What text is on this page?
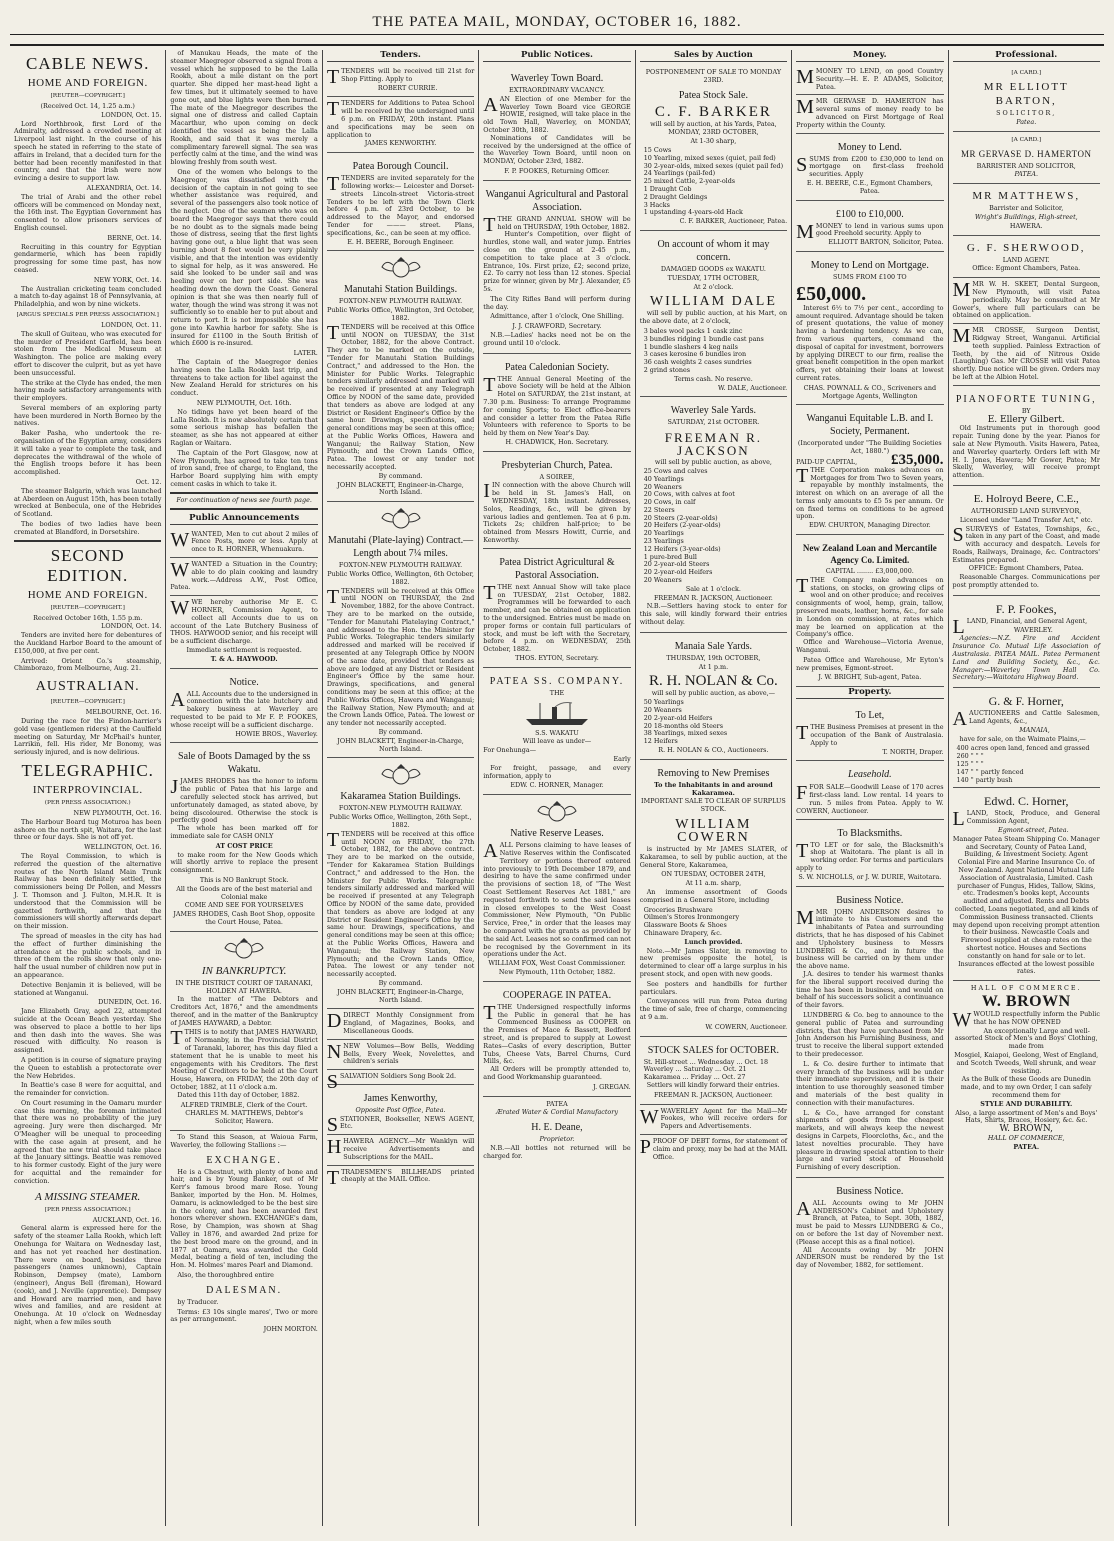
THE PATEA MAIL, MONDAY, OCTOBER 16, 1882.
CABLE NEWS.
HOME AND FOREIGN.
[REUTER—COPYRIGHT.]
(Received Oct. 14, 1.25 a.m.)
LONDON, Oct. 15.

Lord Northbrook, first Lord of the Admiralty, addressed a crowded meeting at Liverpool last night. In the course of his speech he stated in referring to the state of affairs in Ireland, that a decided turn for the better had been recently manifested in that country, and that the Irish were now evincing a desire to support law.

ALEXANDRIA, Oct. 14.

The trial of Arabi and the other rebel officers will be commenced on Monday next, the 16th inst. The Egyptian Government has consented to allow prisoners services of English counsel.

BERNE, Oct. 14.

Recruiting in this country for Egyptian gendarmerie, which has been rapidly progressing for some time past, has now ceased.

NEW YORK, Oct. 14.

The Australian cricketing team concluded a match to-day against 18 of Pennsylvania, at Philadelphia, and won by nine wickets.

[ARGUS SPECIALS PER PRESS ASSOCIATION.]
LONDON, Oct. 11.

The skull of Guiteau, who was executed for the murder of President Garfield, has been stolen from the Medical Museum at Washington. The police are making every effort to discover the culprit, but as yet have been unsuccessful.

The strike at the Clyde has ended, the men having made satisfactory arrangements with their employers.

Several members of an exploring party have been murdered in North Borneo by the natives.

Baker Pasha, who undertook the re-organisation of the Egyptian army, considers it will take a year to complete the task, and deprecates the withdrawal of the whole of the English troops before it has been accomplished.

Oct. 12.

The steamer Balgarin, which was launched at Aberdeen on August 15th, has been totally wrecked at Benbecula, one of the Hebrides of Scotland.

The bodies of two ladies have been cremated at Blandford, in Dorsetshire.

SECOND EDITION.
HOME AND FOREIGN.
[REUTER—COPYRIGHT.]
Received October 16th, 1.55 p.m.
LONDON, Oct. 14.

Tenders are invited here for debentures of the Auckland Harbor Board to the amount of £150,000, at five per cent.

Arrived: Orient Co.'s steamship, Chimborazo, from Melbourne, Aug. 21.

AUSTRALIAN.
[REUTER—COPYRIGHT.]
MELBOURNE, Oct. 16.

During the race for the Findon-harrier's gold vase (gentlemen riders) at the Caulfield meeting on Saturday, Mr McPhail's hunter, Larrikin, fell. His rider, Mr Bonomy, was seriously injured, and is now delirious.

TELEGRAPHIC.
INTERPROVINCIAL.
(PER PRESS ASSOCIATION.)
NEW PLYMOUTH, Oct. 16.

The Harbour Board tug Moturoa has been ashore on the north spit, Waitara, for the last three or four days. She is not off yet.

WELLINGTON, Oct. 16.

The Royal Commission, to which is referred the question of the alternative routes of the North Island Main Trunk Railway has been definitely settled, the commissioners being Dr Pollen, and Messrs J. T. Thomson and J. Fulton, M.H.R. It is understood that the Commission will be gazetted forthwith, and that the commissioners will shortly afterwards depart on their mission.

The spread of measles in the city has had the effect of further diminishing the attendance at the public schools, and in three of them the rolls show that only one-half the usual number of children now put in an appearance.

Detective Benjamin it is believed, will be stationed at Wanganui.

DUNEDIN, Oct. 16.

Jane Elizabeth Gray, aged 22, attempted suicide at the Ocean Beach yesterday. She was observed to place a bottle to her lips and then dash into the waves. She was rescued with difficulty. No reason is assigned.

A petition is in course of signature praying the Queen to establish a protectorate over the New Hebrides.

In Beattie's case 8 were for acquittal, and the remainder for conviction.

On Court resuming in the Oamaru murder case this morning, the foreman intimated that there was no probability of the jury agreeing. Jury were then discharged. Mr O'Meagher will be unequal to proceeding with the case again at present, and he agreed that the new trial should take place at the January sittings. Beattie was removed to his former custody. Eight of the jury were for acquittal and the remainder for conviction.

A MISSING STEAMER.
[PER PRESS ASSOCIATION.]
AUCKLAND, Oct. 16.

General alarm is expressed here for the safety of the steamer Lalla Rookh, which left Onehunga for Waitara on Wednesday last, and has not yet reached her destination. There were on board, besides three passengers (names unknown), Captain Robinson, Dempsey (mate), Lamborn (engineer), Angus Bell (fireman), Howard (cook), and J. Neville (apprentice). Dempsey and Howard are married men, and have wives and families, and are resident at Onehunga. At 10 o'clock on Wednesday night, when a few miles south

of Manukau Heads, the mate of the steamer Maegregor observed a signal from a vessel which he supposed to be the Lalla Rookh, about a mile distant on the port quarter. She dipped her mast-head light a few times, but it ultimately seemed to have gone out, and blue lights were then burned. The mate of the Maegregor describes the signal one of distress and called Captain Macarthur, who upon coming on deck identified the vessel as being the Lalla Rookh, and said that it was merely a complimentary farewell signal. The sea was perfectly calm at the time, and the wind was blowing freshly from south west.

One of the women who belongs to the Maegregor, was dissatisfied with the decision of the captain in not going to see whether assistance was required, and several of the passengers also took notice of the neglect. One of the seamen who was on board the Maegregor says that there could be no doubt as to the signals made being those of distress, seeing that the first lights having gone out, a blue light that was seen burning about 8 feet would be very plainly visible, and that the intention was evidently to signal for help, as it was answered. He said she looked to be under sail and was heeling over on her port side. She was heading down the down the Coast. General opinion is that she was then nearly full of water, though the wind was strong it was not sufficiently so to enable her to put about and return to port. It is not impossible she has gone into Kawhia harbor for safety. She is insured for £1100 in the South British of which £600 is re-insured.

LATER.

The Captain of the Maegregor denies having seen the Lalla Rookh last trip, and threatens to take action for libel against the New Zealand Herald for strictures on his conduct.

NEW PLYMOUTH, Oct. 16th.

No tidings have yet been heard of the Lalla Rookh. It is now absolutely certain that some serious mishap has befallen the steamer, as she has not appeared at either Raglan or Waitara.

The Captain of the Port Glasgow, now at New Plymouth, has agreed to take ten tons of iron sand, free of charge, to England, the Harbor Board supplying him with empty cement casks in which to take it.

For continuation of news see fourth page.
Public Announcements
WWANTED, Men to cut about 2 miles of Fence Posts, more or less. Apply at once to R. HORNER, Whenuakura.
WWANTED a Situation in the Country; able to do plain cooking and laundry work.—Address A.W., Post Office, Patea.
WWE hereby authorise Mr E. C. HORNER, Commission Agent, to collect all Accounts due to us on account of the Late Butchery Business of THOS. HAYWOOD senior, and his receipt will be a sufficient discharge.
Immediate settlement is requested.
T. & A. HAYWOOD.
Notice.
A ALL Accounts due to the undersigned in connection with the late butchery and bakery business at Waverley are requested to be paid to Mr F. P. FOOKES, whose receipt will be a sufficient discharge.
HOWIE BROS., Waverley.
Sale of Boots Damaged by the ss Wakatu.
J JAMES RHODES has the honor to inform the public of Patea that his large and carefully selected stock has arrived, but unfortunately damaged, as stated above, by being discoloured. Otherwise the stock is perfectly good

The whole has been marked off for immediate sale for CASH ONLY

AT COST PRICE

to make room for the New Goods which will shortly arrive to replace the present consignment.

This is NO Bankrupt Stock.
All the Goods are of the best material and Colonial make
COME AND SEE FOR YOURSELVES
JAMES RHODES, Cash Boot Shop, opposite the Court House, Patea.
IN BANKRUPTCY.
IN THE DISTRICT COURT OF TARANAKI, HOLDEN AT HAWERA.

In the matter of "The Debtors and Creditors Act, 1876," and the amendments thereof, and in the matter of the Bankruptcy of JAMES HAYWARD, a Debtor.

T THIS is to notify that JAMES HAYWARD, of Normanby, in the Provincial District of Taranaki, laborer, has this day filed a statement that he is unable to meet his engagements with his Creditors. The first Meeting of Creditors to be held at the Court House, Hawera, on FRIDAY, the 20th day of October, 1882, at 11 o'clock a.m.

Dated this 11th day of October, 1882.

ALFRED TRIMBLE, Clerk of the Court.
CHARLES M. MATTHEWS, Debtor's Solicitor, Hawera.

To Stand this Season, at Waioua Farm, Waverley, the following Stallions :—

EXCHANGE.

He is a Chestnut, with plenty of bone and hair, and is by Young Banker, out of Mr Kerr's famous brood mare Rose. Young Banker, imported by the Hon. M. Holmes, Oamaru, is acknowledged to be the best sire in the colony, and has been awarded first honors wherever shown. EXCHANGE's dam, Rose, by Champion, was shown at Shag Valley in 1876, and awarded 2nd prize for the best brood mare on the ground, and in 1877 at Oamaru, was awarded the Gold Medal, beating a field of ten, including the Hon. M. Holmes' mares Pearl and Diamond.

Also, the thoroughbred entire

DALESMAN.

by Traducer.

Terms: £3 10s single mares', Two or more as per arrangement.

JOHN MORTON.
Tenders.
TTENDERS will be received till 21st for Shop Fitting. Apply to
ROBERT CURRIE.
TTENDERS for Additions to Patea School will be received by the undersigned until 6 p.m. on FRIDAY, 20th instant. Plans and specifications may be seen on application to
JAMES KENWORTHY.
Patea Borough Council.
T TENDERS are invited separately for the following works:— Leicester and Dorset-streets Lincoln-street Victoria-street Tenders to be left with the Town Clerk before 4 p.m. of 23rd October, to be addressed to the Mayor, and endorsed Tender for ——— street. Plans, specifications, &c., can be seen at my office.
E. H. BEERE, Borough Engineer.
Manutahi Station Buildings.
FOXTON-NEW PLYMOUTH RAILWAY.
Public Works Office, Wellington, 3rd October, 1882.
T TENDERS will be received at this Office until NOON on TUESDAY, the 31st October, 1882, for the above Contract. They are to be marked on the outside, "Tender for Manutahi Station Buildings Contract," and addressed to the Hon. the Minister for Public Works. Telegraphic tenders similarly addressed and marked will be received if presented at any Telegraph Office by NOON of the same date, provided that tenders as above are lodged at any District or Resident Engineer's Office by the same hour. Drawings, specifications, and general conditions may be seen at this office; at the Public Works Offices, Hawera and Wanganui; the Railway Station, New Plymouth; and the Crown Lands Office, Patea. The lowest or any tender not necessarily accepted.
By command.
JOHN BLACKETT, Engineer-in-Charge, North Island.
Manutahi (Plate-laying) Contract.—Length about 7¼ miles.
FOXTON-NEW PLYMOUTH RAILWAY.
Public Works Office, Wellington, 6th October, 1882.
T TENDERS will be received at this Office until NOON on THURSDAY, the 2nd November, 1882, for the above Contract. They are to be marked on the outside, "Tender for Manutahi Platelaying Contract," and addressed to the Hon. the Minister for Public Works. Telegraphic tenders similarly addressed and marked will be received if presented at any Telegraph Office by NOON of the same date, provided that tenders as above are lodged at any District or Resident Engineer's Office by the same hour. Drawings, specifications, and general conditions may be seen at this office; at the Public Works Offices, Hawera and Wanganui; the Railway Station, New Plymouth; and at the Crown Lands Office, Patea. The lowest or any tender not necessarily accepted.
By command.
JOHN BLACKETT, Engineer-in-Charge, North Island.
Kakaramea Station Buildings.
FOXTON-NEW PLYMOUTH RAILWAY.
Public Works Office, Wellington, 26th Sept., 1882.
T TENDERS will be received at this office until NOON on FRIDAY, the 27th October, 1882, for the above contract. They are to be marked on the outside, "Tender for Kakaramea Station Buildings Contract," and addressed to the Hon. the Minister for Public Works. Telegraphic tenders similarly addressed and marked will be received if presented at any Telegraph Office by NOON of the same date, provided that tenders as above are lodged at any District or Resident Engineer's Office by the same hour. Drawings, specifications, and general conditions may be seen at this office; at the Public Works Offices, Hawera and Wanganui; the Railway Station, New Plymouth; and the Crown Lands Office, Patea. The lowest or any tender not necessarily accepted.
By command.
JOHN BLACKETT, Engineer-in-Charge, North Island.
DDIRECT Monthly Consignment from England, of Magazines, Books, and Miscellaneous Goods.
NNEW Volumes—Bow Bells, Wedding Bells, Every Week, Novelettes, and children's serials
SSALVATION Soldiers Song Book 2d.
James Kenworthy,
Opposite Post Office, Patea.
S STATIONER, Bookseller, NEWS AGENT, Etc.
HHAWERA AGENCY.—Mr Wanklyn will receive Advertisements and Subscriptions for the MAIL.
TTRADESMEN'S BILLHEADS printed cheaply at the MAIL Office.
Public Notices.
Waverley Town Board.
EXTRAORDINARY VACANCY.
A AN Election of one Member for the Waverley Town Board vice GEORGE HOWIE, resigned, will take place in the old Town Hall, Waverley, on MONDAY, October 30th, 1882.

Nominations of Candidates will be received by the undersigned at the office of the Waverley Town Board, until noon on MONDAY, October 23rd, 1882.

F. P. FOOKES, Returning Officer.
Wanganui Agricultural and Pastoral Association.
T THE GRAND ANNUAL SHOW will be held on THURSDAY, 19th October, 1882.

Hunter's Competition, over flight of hurdles, stone wall, and water jump. Entries close on the ground at 2-45 p.m., competition to take place at 3 o'clock. Entrance, 10s. First prize, £2; second prize, £2. To carry not less than 12 stones. Special prize for winner, given by Mr J. Alexander, £5 5s.

The City Rifles Band will perform during the day.

Admittance, after 1 o'clock, One Shilling.

J. J. CRAWFORD, Secretary.

N.B.—Ladies' hacks need not be on the ground until 10 o'clock.

Patea Caledonian Society.
T THE Annual General Meeting of the above Society will be held at the Albion Hotel on SATURDAY, the 21st instant, at 7.30 p.m. Business: To arrange Programme for coming Sports; to Elect office-bearers and consider a letter from the Patea Rifle Volunteers with reference to Sports to be held by them on New Year's Day.
H. CHADWICK, Hon. Secretary.
Presbyterian Church, Patea.
A SOIREE,
I IN connection with the above Church will be held in St. James's Hall, on WEDNESDAY, 18th instant. Addresses, Solos, Readings, &c., will be given by various ladies and gentlemen. Tea at 6 p.m. Tickets 2s; children half-price; to be obtained from Messrs Howitt, Currie, and Kenworthy.
Patea District Agricultural & Pastoral Association.
T THE next Annual Show will take place on TUESDAY, 21st October, 1882. Programmes will be forwarded to each member, and can be obtained on application to the undersigned. Entries must be made on proper forms or contain full particulars of stock, and must be left with the Secretary, before 4 p.m. on WEDNESDAY, 25th October, 1882.
THOS. EYTON, Secretary.
PATEA SS. COMPANY.
THE
S.S. WAKATU
Will leave as under—
For Onehunga—
Early

For freight, passage, and every information, apply to

EDW. C. HORNER, Manager.
Native Reserve Leases.
A ALL Persons claiming to have leases of Native Reserves within the Confiscated Territory or portions thereof entered into previously to 19th December 1879, and desiring to have the same confirmed under the provisions of section 18, of "The West Coast Settlement Reserves Act 1881," are requested forthwith to send the said leases in closed envelopes to the West Coast Commissioner, New Plymouth, "On Public Service, Free," in order that the leases may be compared with the grants as provided by the said Act. Leases not so confirmed can not be recognised by the Government in its operations under the Act.
WILLIAM FOX, West Coast Commissioner.
New Plymouth, 11th October, 1882.
COOPERAGE IN PATEA.
T THE Undersigned respectfully informs the Public in general that he has Commenced Business as COOPER on the Premises of Mace & Bassett, Bedford street, and is prepared to supply at Lowest Rates—Casks of every description, Butter Tubs, Cheese Vats, Barrel Churns, Curd Mills, &c.

All Orders will be promptly attended to, and Good Workmanship guaranteed.

J. GREGAN.
PATEA
Ærated Water & Cordial Manufactory
H. E. Deane,
Proprietor.

N.B.—All bottles not returned will be charged for.

Sales by Auction
POSTPONEMENT OF SALE TO MONDAY 23RD.
Patea Stock Sale.
C. F. BARKER
will sell by auction, at his Yards, Patea,
MONDAY, 23RD OCTOBER,
At 1-30 sharp,
15 Cows
10 Yearling, mixed sexes (quiet, pail fed)
30 2-year-olds, mixed sexes (quiet pail fed)
24 Yearlings (pail-fed)
25 mixed Cattle, 2-year-olds
1 Draught Cob
2 Draught Geldings
3 Hacks
1 upstanding 4-years-old Hack
C. F. BARKER, Auctioneer, Patea.
On account of whom it may concern.
DAMAGED GOODS ex WAKATU.
TUESDAY, 17TH OCTOBER,
At 2 o'clock.
WILLIAM DALE

will sell by public auction, at his Mart, on the above date, at 2 o'clock,

3 bales wool packs 1 cask zinc
3 bundles ridging 1 bundle cast pans
1 bundle slashers 4 keg nails
3 cases kerosine 6 bundles iron
36 cash weights 2 cases sundries
2 grind stones
Terms cash. No reserve.
W. DALE, Auctioneer.
Waverley Sale Yards.
SATURDAY, 21st OCTOBER.
FREEMAN R. JACKSON
will sell by public auction, as above,
25 Cows and calves
40 Yearlings
20 Weaners
20 Cows, with calves at foot
20 Cows, in calf
22 Steers
20 Steers (2-year-olds)
20 Heifers (2-year-olds)
20 Yearlings
23 Yearlings
12 Heifers (3-year-olds)
1 pure-bred Bull
20 2-year-old Steers
20 2-year-old Heifers
20 Weaners
Sale at 1 o'clock.
FREEMAN R. JACKSON, Auctioneer.

N.B.—Settlers having stock to enter for this sale, will kindly forward their entries without delay.

Manaia Sale Yards.
THURSDAY, 19th OCTOBER,
At 1 p.m.
R. H. NOLAN & Co.
will sell by public auction, as above,—
50 Yearlings
20 Weaners
20 2-year-old Heifers
20 18-months old Steers
38 Yearlings, mixed sexes
12 Heifers
R. H. NOLAN & CO., Auctioneers.
Removing to New Premises
To the Inhabitants in and around Kakaramea.
IMPORTANT SALE TO CLEAR OF SURPLUS STOCK.
WILLIAM COWERN

is instructed by Mr JAMES SLATER, of Kakaramea, to sell by public auction, at the General Store, Kakaramea,

ON TUESDAY, OCTOBER 24TH,
At 11 a.m. sharp,

An immense assortment of Goods comprised in a General Store, including

Groceries Brushware
Oilmen's Stores Ironmongery
Glassware Boots & Shoes
Chinaware Drapery, &c.
Lunch provided.

Note.—Mr James Slater, in removing to new premises opposite the hotel, is determined to clear off a large surplus in his present stock, and open with new goods.

See posters and handbills for further particulars.

Conveyances will run from Patea during the time of sale, free of charge, commencing at 9 a.m.

W. COWERN, Auctioneer.
STOCK SALES for OCTOBER.
St. Hill-street ... Wednesday ... Oct. 18
Waverley ... Saturday ... Oct. 21
Kakaramea ... Friday ... Oct. 27

Settlers will kindly forward their entries.

FREEMAN R. JACKSON, Auctioneer.
WWAVERLEY Agent for the Mail—Mr Fookes, who will receive orders for Papers and Advertisements.
PPROOF OF DEBT forms, for statement of claim and proxy, may be had at the MAIL Office.
Money.
MMONEY TO LEND, on good Country Security.—H. E. P. ADAMS, Solicitor, Patea.
MMR GERVASE D. HAMERTON has several sums of money ready to be advanced on First Mortgage of Real Property within the County.
Money to Lend.
S SUMS from £200 to £30,000 to lend on mortgage on first-class freehold securities. Apply
E. H. BEERE, C.E., Egmont Chambers, Patea.
£100 to £10,000.
M MONEY to lend in various sums upon good Freehold security. Apply to
ELLIOTT BARTON, Solicitor, Patea.
Money to Lend on Mortgage.
SUMS FROM £100 TO
£50,000.

Interest 6½ to 7½ per cent., according to amount required. Advantage should be taken of present quotations, the value of money having a hardening tendency. As we can, from various quarters, command the disposal of capital for investment, borrowers by applying DIRECT to our firm, realise the great benefit competition in the open market offers, yet obtaining their loans at lowest current rates.

CHAS. POWNALL & CO., Scriveners and Mortgage Agents, Wellington
Wanganui Equitable L.B. and I. Society, Permanent.
(Incorporated under "The Building Societies Act, 1880.")
PAID-UP CAPITAL, £35,000.
T THE Corporation makes advances on Mortgages for from Two to Seven years, repayable by monthly instalments, the interest on which on an average of all the terms only amounts to £5 5s per annum. Or on fixed terms on conditions to be agreed upon.
EDW. CHURTON, Managing Director.
New Zealand Loan and Mercantile Agency Co. Limited.
CAPITAL ........ £3,000,000.
T THE Company make advances on stations, on stocks, on growing clips of wool and on other produce; and receives consignments of wool, hemp, grain, tallow, preserved meats, leather, horns, &c., for sale in London on commission, at rates which may be learned on application at the Company's office.

Office and Warehouse—Victoria Avenue, Wanganui.

Patea Office and Warehouse, Mr Eyton's new premises, Egmont-street.

J. W. BRIGHT, Sub-agent, Patea.
Property.
To Let,
T THE Business Premises at present in the occupation of the Bank of Australasia. Apply to
T. NORTH, Draper.
Leasehold.
F FOR SALE—Goodwill Lease of 170 acres first-class land. Low rental. 14 years to run. 5 miles from Patea. Apply to W. COWERN, Auctioneer.
To Blacksmiths.
T TO LET or for sale, the Blacksmith's shop at Waitotara. The plant is all in working order. For terms and particulars apply to
S. W. NICHOLLS, or J. W. DURIE, Waitotara.
Business Notice.
M MR JOHN ANDERSON desires to intimate to his Customers and the inhabitants of Patea and surrounding districts, that he has disposed of his Cabinet and Upholstery business to Messrs LUNDBERG & Co., and in future the business will be carried on by them under the above name.

J.A. desires to tender his warmest thanks for the liberal support received during the time he has been in business, and would on behalf of his successors solicit a continuance of their favors.

LUNDBERG & Co. beg to announce to the general public of Patea and surrounding districts, that they have purchased from Mr John Anderson his Furnishing Business, and trust to receive the liberal support extended to their predecessor.

L. & Co. desire further to intimate that every branch of the business will be under their immediate supervision, and it is their intention to use thoroughly seasoned timber and materials of the best quality in connection with their manufactures.

L. & Co., have arranged for constant shipments of goods from the cheapest markets, and will always keep the newest designs in Carpets, Floorcloths, &c., and the latest novelties procurable. They have pleasure in drawing special attention to their large and varied stock of Household Furnishing of every description.

Business Notice.
A ALL Accounts owing to Mr JOHN ANDERSON's Cabinet and Upholstery Branch, at Patea, to Sept. 30th, 1882, must be paid to Messrs LUNDBERG & Co., on or before the 1st day of November next. (Please accept this as a final notice).

All Accounts owing by Mr JOHN ANDERSON must be rendered by the 1st day of November, 1882, for settlement.

Professional.
[A CARD.]
MR ELLIOTT BARTON,
SOLICITOR,
Patea.
[A CARD.]
MR GERVASE D. HAMERTON
BARRISTER AND SOLICITOR,
PATEA.
MR MATTHEWS,
Barrister and Solicitor,
Wright's Buildings, High-street,
HAWERA.
G. F. SHERWOOD,
LAND AGENT.
Office: Egmont Chambers, Patea.
MMR W. H. SKEET, Dental Surgeon, New Plymouth, will visit Patea periodically. May be consulted at Mr Gower's, where full particulars can be obtained on application.
MMR CROSSE, Surgeon Dentist, Ridgway Street, Wanganui. Artificial teeth supplied. Painless Extraction of Teeth, by the aid of Nitrous Oxide (Laughing) Gas. Mr CROSSE will visit Patea shortly. Due notice will be given. Orders may be left at the Albion Hotel.
PIANOFORTE TUNING,
BY
E. Ellery Gilbert.

Old Instruments put in thorough good repair. Tuning done by the year. Pianos for sale at New Plymouth. Visits Hawera, Patea, and Waverley quarterly. Orders left with Mr H. I. Jones, Hawera; Mr Gower, Patea; Mr Skelly, Waverley, will receive prompt attention.

E. Holroyd Beere, C.E.,
AUTHORISED LAND SURVEYOR,
Licensed under "Land Transfer Act," etc.
S SURVEYS of Estates, Townships, &c., taken in any part of the Coast, and made with accuracy and despatch. Levels for Roads, Railways, Drainage, &c. Contractors' Estimates prepared.
OFFICE: Egmont Chambers, Patea.

Reasonable Charges. Communications per post promptly attended to.

F. P. Fookes,
L LAND, Financial, and General Agent,
WAVERLEY.

Agencies:—N.Z. Fire and Accident Insurance Co. Mutual Life Association of Australasia. PATEA MAIL. Patea Permanent Land and Building Society, &c., &c. Manager:—Waverley Town Hall Co. Secretary:—Waitotara Highway Board.

G. & F. Horner,
A AUCTIONEERS and Cattle Salesmen, Land Agents, &c.,
MANAIA,

have for sale, on the Waimate Plains,—

400 acres open land, fenced and grassed
260 " " "
125 " " "
147 " " partly fenced
140 " partly bush
Edwd. C. Horner,
L LAND, Stock, Produce, and General Commission Agent,
Egmont-street, Patea.

Manager Patea Steam Shipping Co. Manager and Secretary, County of Patea Land, Building, & Investment Society. Agent Colonial Fire and Marine Insurance Co. of New Zealand. Agent National Mutual Life Association of Australasia, Limited. Cash purchaser of Fungus, Hides, Tallow, Skins, etc. Tradesmen's books kept, Accounts audited and adjusted. Rents and Debts collected, Loans negotiated, and all kinds of Commission Business transacted. Clients may depend upon receiving prompt attention to their business. Newcastle Coals and Firewood supplied at cheap rates on the shortest notice. Houses and Sections constantly on hand for sale or to let. Insurances effected at the lowest possible rates.

HALL OF COMMERCE.
W. BROWN
W WOULD respectfully inform the Public that he has NOW OPENED

An exceptionally Large and well-assorted Stock of Men's and Boys' Clothing, made from

Mosgiel, Kaiapoi, Geelong, West of England, and Scotch Tweeds, Well shrunk, and wear resisting.

As the Bulk of these Goods are Dunedin made, and to my own Order, I can safely recommend them for

STYLE AND DURABILITY.

Also, a large assortment of Men's and Boys' Hats, Shirts, Braces, Hosiery, &c. &c.

W. BROWN,
HALL OF COMMERCE,
PATEA.
